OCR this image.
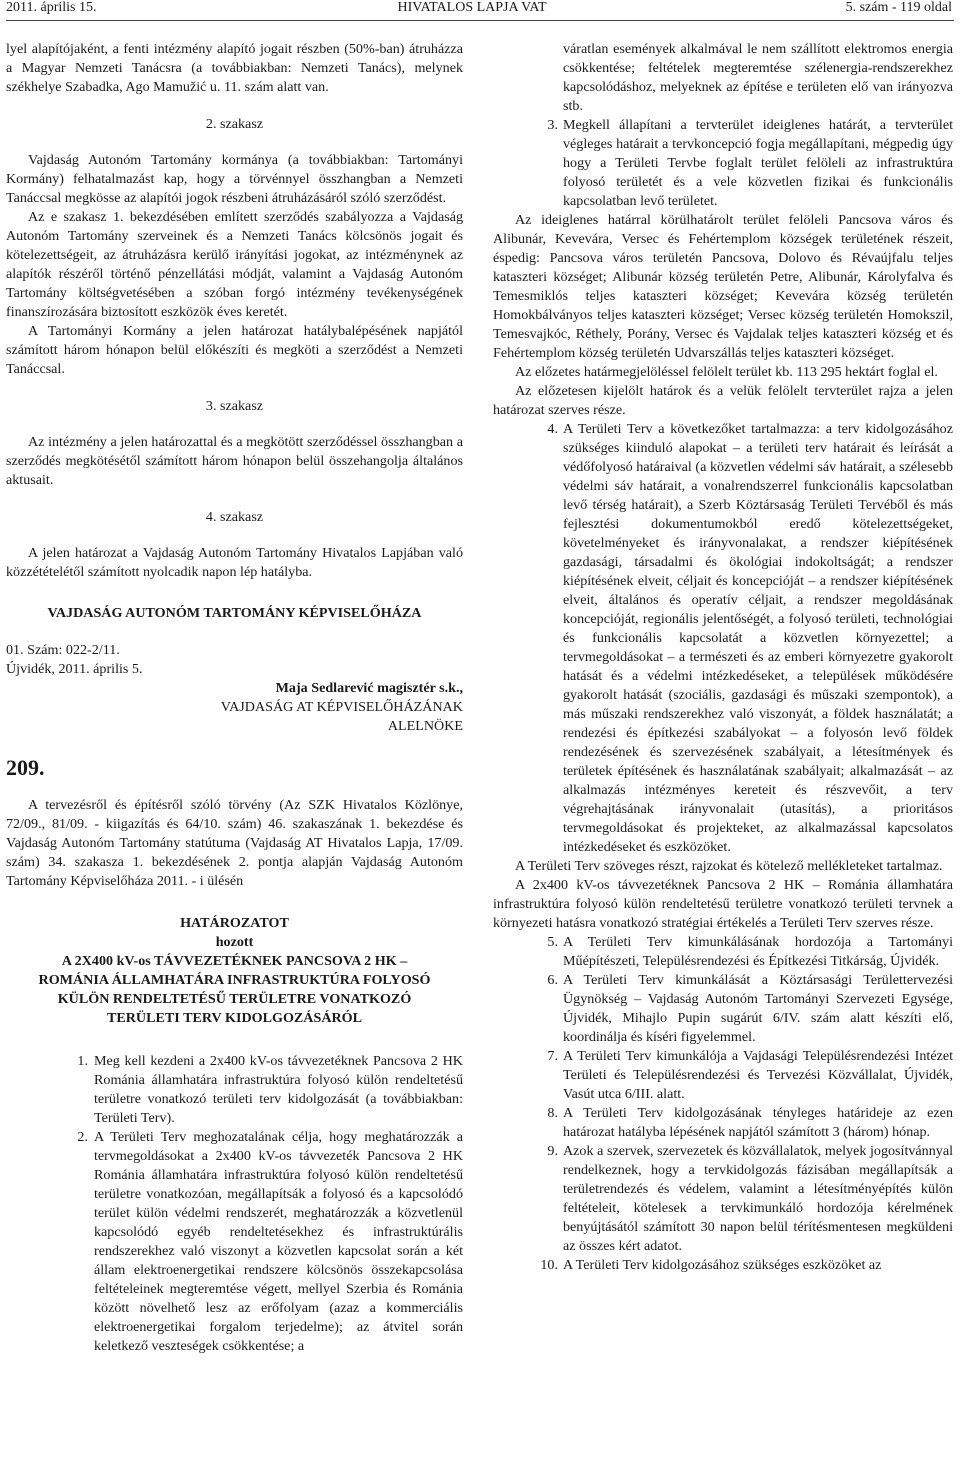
2011. április 15.	HIVATALOS LAPJA VAT	5. szám - 119 oldal

lyel alapítójaként, a fenti intézmény alapító jogait részben (50%-ban) átruházza a Magyar Nemzeti Tanácsra (a továbbiakban: Nemzeti Tanács), melynek székhelye Szabadka, Ago Mamužić u. 11. szám alatt van.

2. szakasz

Vajdaság Autonóm Tartomány kormánya (a továbbiakban: Tartományi Kormány) felhatalmazást kap, hogy a törvénnyel összhangban a Nemzeti Tanáccsal megkösse az alapítói jogok részbeni átruházásáról szóló szerződést.

Az e szakasz 1. bekezdésében említett szerződés szabályozza a Vajdaság Autonóm Tartomány szerveinek és a Nemzeti Tanács kölcsönös jogait és kötelezettségeit, az átruházásra kerülő irányítási jogokat, az intézménynek az alapítók részéről történő pénzellátási módját, valamint a Vajdaság Autonóm Tartomány költségvetésében a szóban forgó intézmény tevékenységének finanszírozására biztosított eszközök éves keretét.

A Tartományi Kormány a jelen határozat hatálybalépésének napjától számított három hónapon belül előkészíti és megköti a szerződést a Nemzeti Tanáccsal.

3. szakasz

Az intézmény a jelen határozattal és a megkötött szerződéssel összhangban a szerződés megkötésétől számított három hónapon belül összehangolja általános aktusait.

4. szakasz

A jelen határozat a Vajdaság Autonóm Tartomány Hivatalos Lapjában való közzétételétől számított nyolcadik napon lép hatályba.

VAJDASÁG AUTONÓM TARTOMÁNY KÉPVISELŐHÁZA

01. Szám: 022-2/11.

Újvidék, 2011. április 5.

Maja Sedlarević magisztér s.k.,

VAJDASÁG AT KÉPVISELŐHÁZÁNAK

ALELNÖKE

209.

A tervezésről és építésről szóló törvény (Az SZK Hivatalos Közlönye, 72/09., 81/09. - kiigazítás és 64/10. szám) 46. szakaszának 1. bekezdése és Vajdaság Autonóm Tartomány statútuma (Vajdaság AT Hivatalos Lapja, 17/09. szám) 34. szakasza 1. bekezdésének 2. pontja alapján Vajdaság Autonóm Tartomány Képviselőháza 2011. - i ülésén

HATÁROZATOT

hozott

A 2X400 kV-os TÁVVEZETÉKNEK PANCSOVA 2 HK –

ROMÁNIA ÁLLAMHATÁRA INFRASTRUKTÚRA FOLYOSÓ

KÜLÖN RENDELTETÉSŰ TERÜLETRE VONATKOZÓ

TERÜLETI TERV KIDOLGOZÁSÁRÓL

1. Meg kell kezdeni a 2x400 kV-os távvezetéknek Pancsova 2 HK Románia államhatára infrastruktúra folyosó külön rendeltetésű területre vonatkozó területi terv kidolgozását (a továbbiakban: Területi Terv).
2. A Területi Terv meghozatalának célja, hogy meghatározzák a tervmegoldásokat a 2x400 kV-os távvezeték Pancsova 2 HK Románia államhatára infrastruktúra folyosó külön rendeltetésű területre vonatkozóan, megállapítsák a folyosó és a kapcsolódó terület külön védelmi rendszerét, meghatározzák a közvetlenül kapcsolódó egyéb rendeltetésekhez és infrastruktúrális rendszerekhez való viszonyt a közvetlen kapcsolat során a két állam elektroenergetikai rendszere kölcsönös összekapcsolása feltételeinek megteremtése végett, mellyel Szerbia és Románia között növelhető lesz az erőfolyam (azaz a kommerciális elektroenergetikai forgalom terjedelme); az átvitel során keletkező veszteségek csökkentése; a

váratlan események alkalmával le nem szállított elektromos energia csökkentése; feltételek megteremtése szélenergia-rendszerekhez kapcsolódáshoz, melyeknek az építése e területen elő van irányozva stb.

3. Megkell állapítani a tervterület ideiglenes határát, a tervterület végleges határait a tervkoncepció fogja megállapítani, mégpedig úgy hogy a Területi Tervbe foglalt terület felöleli az infrastruktúra folyosó területét és a vele közvetlen fizikai és funkcionális kapcsolatban levő területet.

Az ideiglenes határral körülhatárolt terület felöleli Pancsova város és Alibunár, Kevevára, Versec és Fehértemplom községek területének részeit, éspedig: Pancsova város területén Pancsova, Dolovo és Révaújfalu teljes kataszteri községet; Alibunár község területén Petre, Alibunár, Károlyfalva és Temesmiklós teljes kataszteri községet; Kevevára község területén Homokbálványos teljes kataszteri községet; Versec község területén Homokszil, Temesvajkóc, Réthely, Porány, Versec és Vajdalak teljes kataszteri község et és Fehértemplom község területén Udvarszállás teljes kataszteri községet.

Az előzetes határmegjelöléssel felölelt terület kb. 113 295 hektárt foglal el.

Az előzetesen kijelölt határok és a velük felölelt tervterület rajza a jelen határozat szerves része.

4. A Területi Terv a következőket tartalmazza: a terv kidolgozásához szükséges kiinduló alapokat – a területi terv határait és leírását a védőfolyosó határaival (a közvetlen védelmi sáv határait, a szélesebb védelmi sáv határait, a vonalrendszerrel funkcionális kapcsolatban levő térség határait), a Szerb Köztársaság Területi Tervéből és más fejlesztési dokumentumokból eredő kötelezettségeket, követelményeket és irányvonalakat, a rendszer kiépítésének gazdasági, társadalmi és ökológiai indokoltságát; a rendszer kiépítésének elveit, céljait és koncepcióját – a rendszer kiépítésének elveit, általános és operatív céljait, a rendszer megoldásának koncepcióját, regionális jelentőségét, a folyosó területi, technológiai és funkcionális kapcsolatát a közvetlen környezettel; a tervmegoldásokat – a természeti és az emberi környezetre gyakorolt hatását és a védelmi intézkedéseket, a települések működésére gyakorolt hatását (szociális, gazdasági és műszaki szempontok), a más műszaki rendszerekhez való viszonyát, a földek használatát; a rendezési és építkezési szabályokat – a folyosón levő földek rendezésének és szervezésének szabályait, a létesítmények és területek építésének és használatának szabályait; alkalmazását – az alkalmazás intézményes kereteit és részvevőit, a terv végrehajtásának irányvonalait (utasítás), a prioritásos tervmegoldásokat és projekteket, az alkalmazással kapcsolatos intézkedéseket és eszközöket.

A Területi Terv szöveges részt, rajzokat és kötelező mellékleteket tartalmaz.

A 2x400 kV-os távvezetéknek Pancsova 2 HK – Románia államhatára infrastruktúra folyosó külön rendeltetésű területre vonatkozó területi tervnek a környezeti hatásra vonatkozó stratégiai értékelés a Területi Terv szerves része.

5. A Területi Terv kimunkálásának hordozója a Tartományi Műépítészeti, Településrendezési és Építkezési Titkárság, Újvidék.
6. A Területi Terv kimunkálását a Köztársasági Területtervezési Ügynökség – Vajdaság Autonóm Tartományi Szervezeti Egysége, Újvidék, Mihajlo Pupin sugárút 6/IV. szám alatt készíti elő, koordinálja és kíséri figyelemmel.
7. A Területi Terv kimunkálója a Vajdasági Településrendezési Intézet Területi és Településrendezési és Tervezési Közvállalat, Újvidék, Vasút utca 6/III. alatt.
8. A Területi Terv kidolgozásának tényleges határideje az ezen határozat hatályba lépésének napjától számított 3 (három) hónap.
9. Azok a szervek, szervezetek és közvállalatok, melyek jogosítvánnyal rendelkeznek, hogy a tervkidolgozás fázisában megállapítsák a területrendezés és védelem, valamint a létesítményépítés külön feltételeit, kötelesek a tervkimunkáló hordozója kérelmének benyújtásától számított 30 napon belül térítésmentesen megküldeni az összes kért adatot.
10. A Területi Terv kidolgozásához szükséges eszközöket az
